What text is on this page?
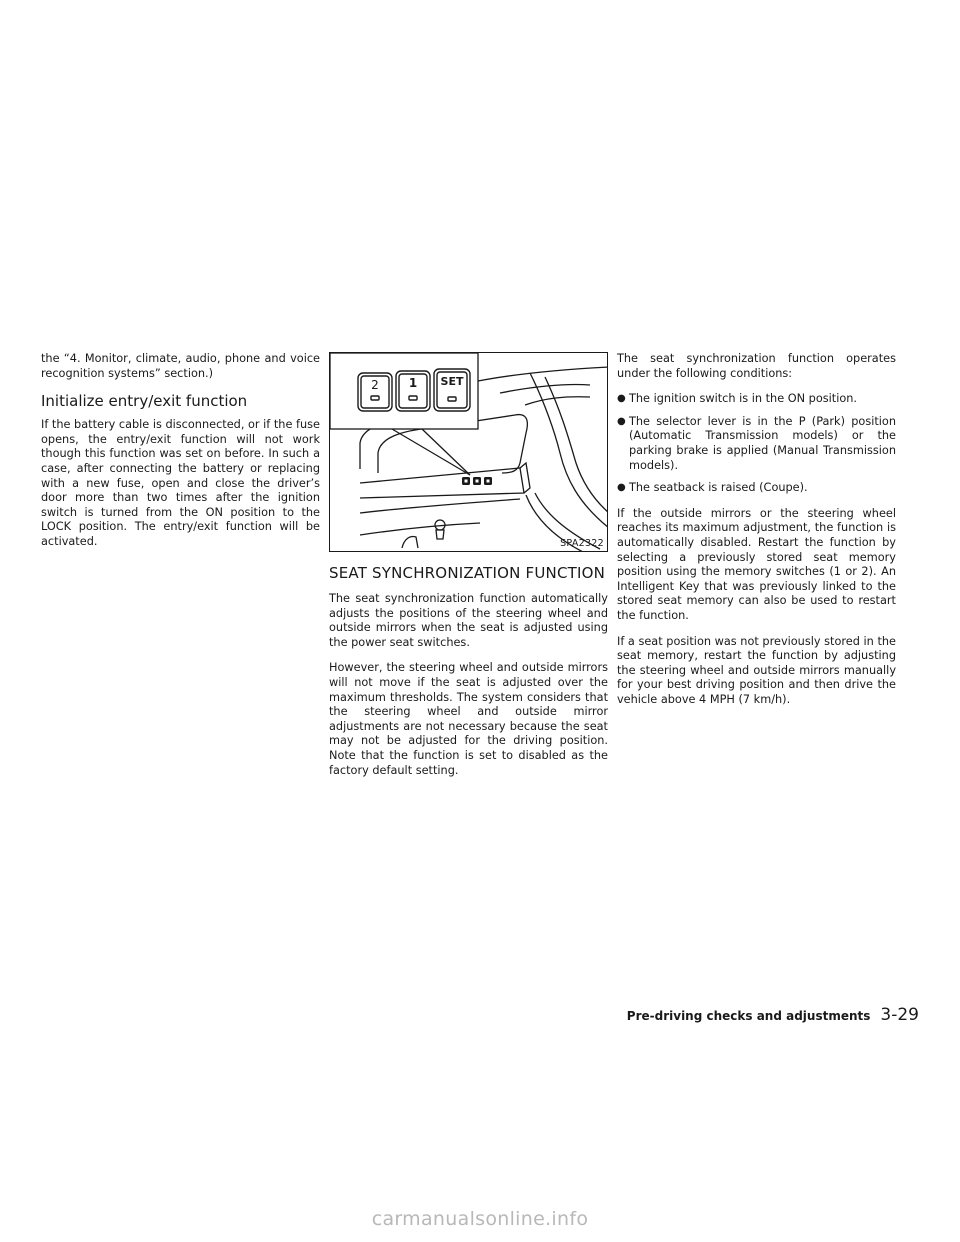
the “4. Monitor, climate, audio, phone and voice recognition systems” section.)

Initialize entry/exit function

If the battery cable is disconnected, or if the fuse opens, the entry/exit function will not work though this function was set on before. In such a case, after connecting the battery or replacing with a new fuse, open and close the driver’s door more than two times after the ignition switch is turned from the ON position to the LOCK position. The entry/exit function will be activated.

2	1 SET
SPA2322
SEAT SYNCHRONIZATION FUNCTION

The seat synchronization function automatically adjusts the positions of the steering wheel and outside mirrors when the seat is adjusted using the power seat switches.

However, the steering wheel and outside mirrors will not move if the seat is adjusted over the maximum thresholds. The system considers that the steering wheel and outside mirror adjustments are not necessary because the seat may not be adjusted for the driving position. Note that the function is set to disabled as the factory default setting.

The seat synchronization function operates under the following conditions:

● The ignition switch is in the ON position.
● The selector lever is in the P (Park) position (Automatic Transmission models) or the parking brake is applied (Manual Transmission models).
● The seatback is raised (Coupe).

If the outside mirrors or the steering wheel reaches its maximum adjustment, the function is automatically disabled. Restart the function by selecting a previously stored seat memory position using the memory switches (1 or 2). An Intelligent Key that was previously linked to the stored seat memory can also be used to restart the function.

If a seat position was not previously stored in the seat memory, restart the function by adjusting the steering wheel and outside mirrors manually for your best driving position and then drive the vehicle above 4 MPH (7 km/h).

Pre-driving checks and adjustments 3-29
carmanualsonline.info
